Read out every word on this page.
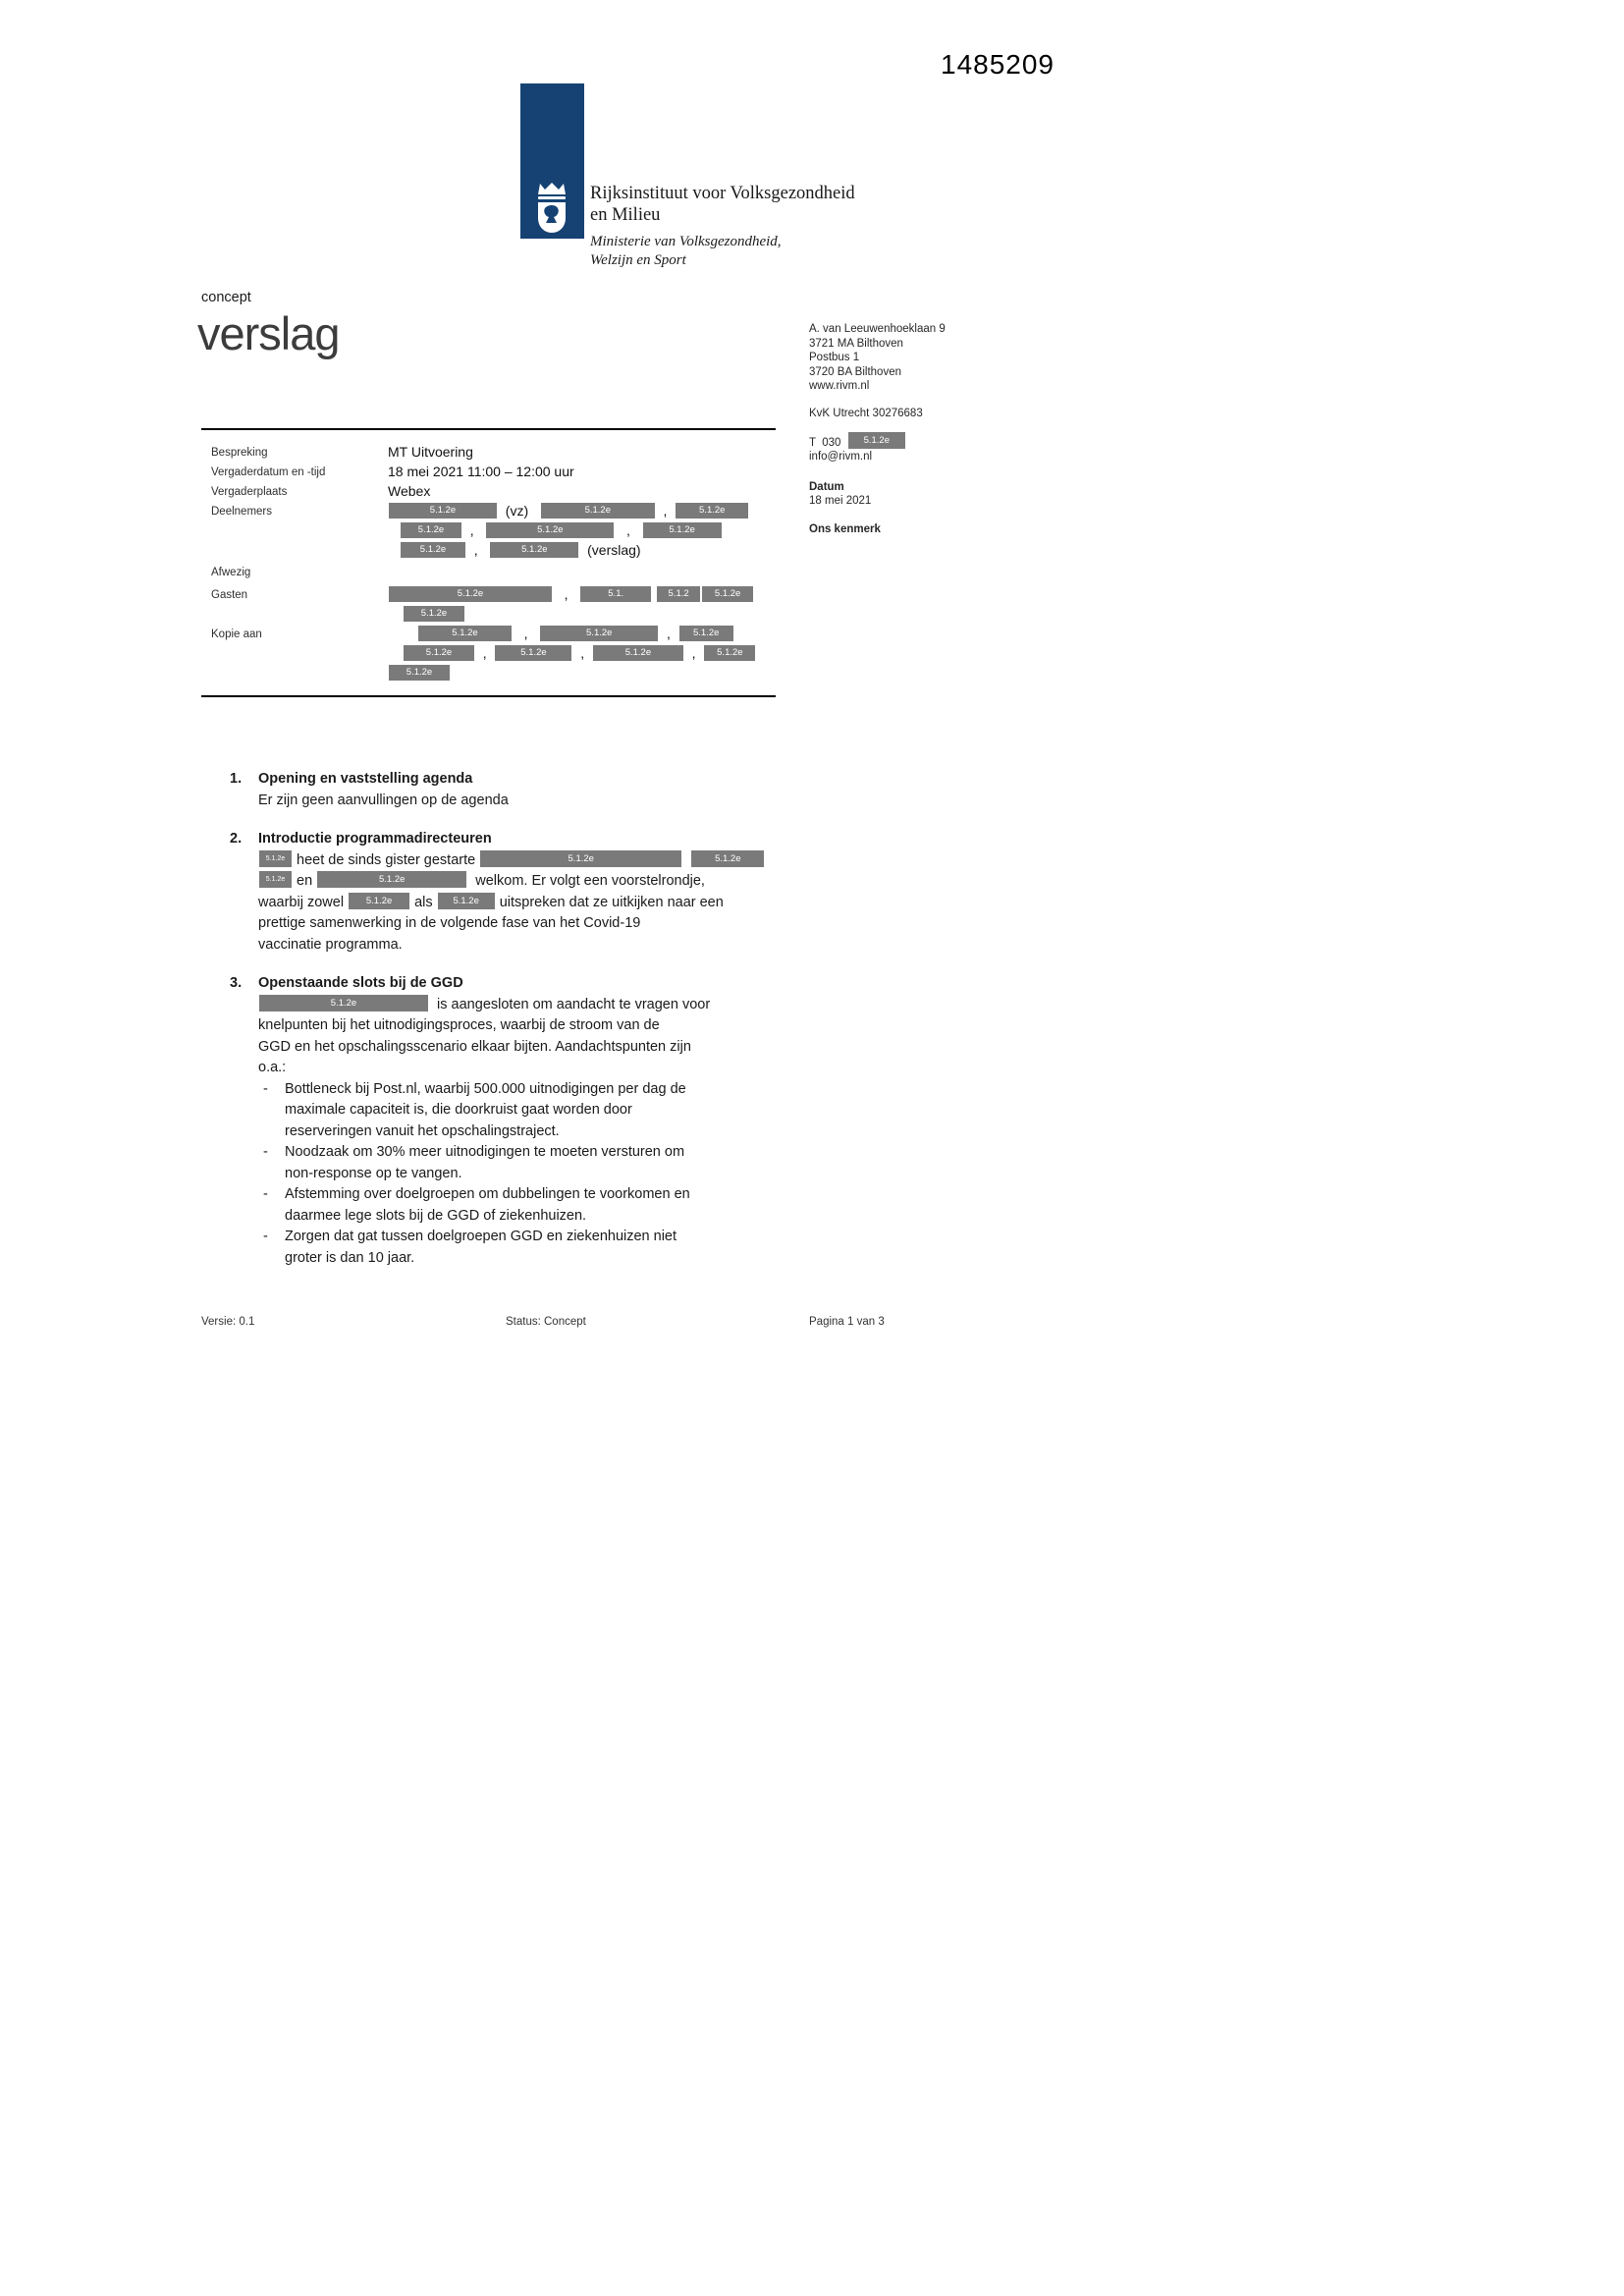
1485209
Rijksinstituut voor Volksgezondheid
en Milieu
Ministerie van Volksgezondheid,
Welzijn en Sport
concept
verslag	A. van Leeuwenhoeklaan 9
3721 MA Bilthoven
Postbus 1
3720 BA Bilthoven
www.rivm.nl
KvK Utrecht 30276683
T  030  5.1.2e
info@rivm.nl
Datum
18 mei 2021
Ons kenmerk
Bespreking	MT Uitvoering
Vergaderdatum en -tijd	18 mei 2021 11:00 – 12:00 uur
Vergaderplaats	Webex
Deelnemers	5.1.2e	(vz)	5.1.2e	,	5.1.2e
5.1.2e  ,	5.1.2e	,	5.1.2e
5.1.2e  ,	5.1.2e  (verslag)
Afwezig
Gasten	5.1.2e	,	5.1.	5.1.2	5.1.2e
5.1.2e
Kopie aan	5.1.2e	,	5.1.2e	,  5.1.2e
5.1.2e  ,	5.1.2e  ,	5.1.2e  ,  5.1.2e
5.1.2e
1.	Opening en vaststelling agenda
Er zijn geen aanvullingen op de agenda
2.	Introductie programmadirecteuren
5.1.2e heet de sinds gister gestarte	5.1.2e	5.1.2e
5.1.2e en	5.1.2e	welkom. Er volgt een voorstelrondje,
waarbij zowel 5.1.2e als 5.1.2e uitspreken dat ze uitkijken naar een
prettige samenwerking in de volgende fase van het Covid-19
vaccinatie programma.
3.	Openstaande slots bij de GGD
5.1.2e	is aangesloten om aandacht te vragen voor
knelpunten bij het uitnodigingsproces, waarbij de stroom van de
GGD en het opschalingsscenario elkaar bijten. Aandachtspunten zijn
o.a.:
-	Bottleneck bij Post.nl, waarbij 500.000 uitnodigingen per dag de
maximale capaciteit is, die doorkruist gaat worden door
reserveringen vanuit het opschalingstraject.
-	Noodzaak om 30% meer uitnodigingen te moeten versturen om
non-response op te vangen.
-	Afstemming over doelgroepen om dubbelingen te voorkomen en
daarmee lege slots bij de GGD of ziekenhuizen.
-	Zorgen dat gat tussen doelgroepen GGD en ziekenhuizen niet
groter is dan 10 jaar.
Versie: 0.1	Status: Concept	Pagina 1 van 3
